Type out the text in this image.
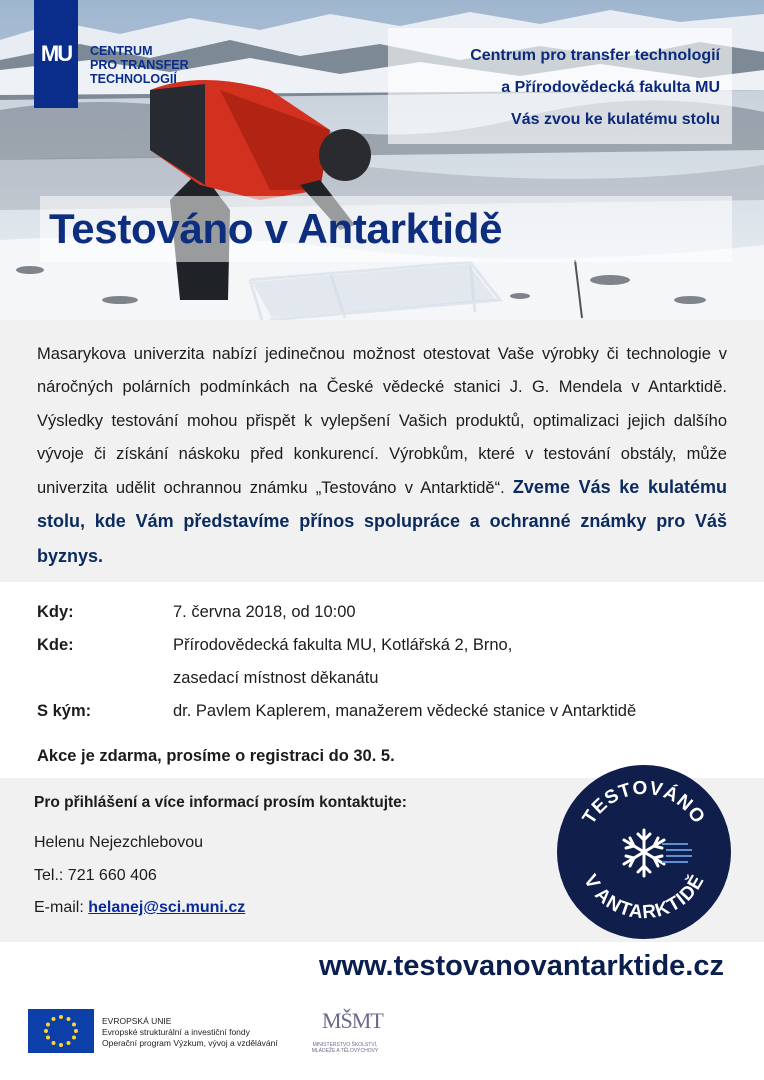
MU CENTRUM
PRO TRANSFER
TECHNOLOGIÍ
Centrum pro transfer technologií
a Přírodovědecká fakulta MU
Vás zvou ke kulatému stolu
Testováno v Antarktidě

Masarykova univerzita nabízí jedinečnou možnost otestovat Vaše výrobky či technologie v náročných polárních podmínkách na České vědecké stanici J. G. Mendela v Antarktidě. Výsledky testování mohou přispět k vylepšení Vašich produktů, optimalizaci jejich dalšího vývoje či získání náskoku před konkurencí. Výrobkům, které v testování obstály, může univerzita udělit ochrannou známku „Testováno v Antarktidě“. Zveme Vás ke kulatému stolu, kde Vám představíme přínos spolupráce a ochranné známky pro Váš byznys.

Kdy:	7. června 2018, od 10:00
Kde:	Přírodovědecká fakulta MU, Kotlářská 2, Brno,
zasedací místnost děkanátu
S kým:	dr. Pavlem Kaplerem, manažerem vědecké stanice v Antarktidě
Akce je zdarma, prosíme o registraci do 30. 5.
Pro přihlášení a více informací prosím kontaktujte:
Helenu Nejezchlebovou
Tel.: 721 660 406
E-mail: helanej@sci.muni.cz
TESTOVÁNO
V ANTARKTIDĚ
www.testovanovantarktide.cz
EVROPSKÁ UNIE
Evropské strukturální a investiční fondy
Operační program Výzkum, vývoj a vzdělávání
MŠMT
MINISTERSTVO ŠKOLSTVÍ,
MLÁDEŽE A TĚLOVÝCHOVY
